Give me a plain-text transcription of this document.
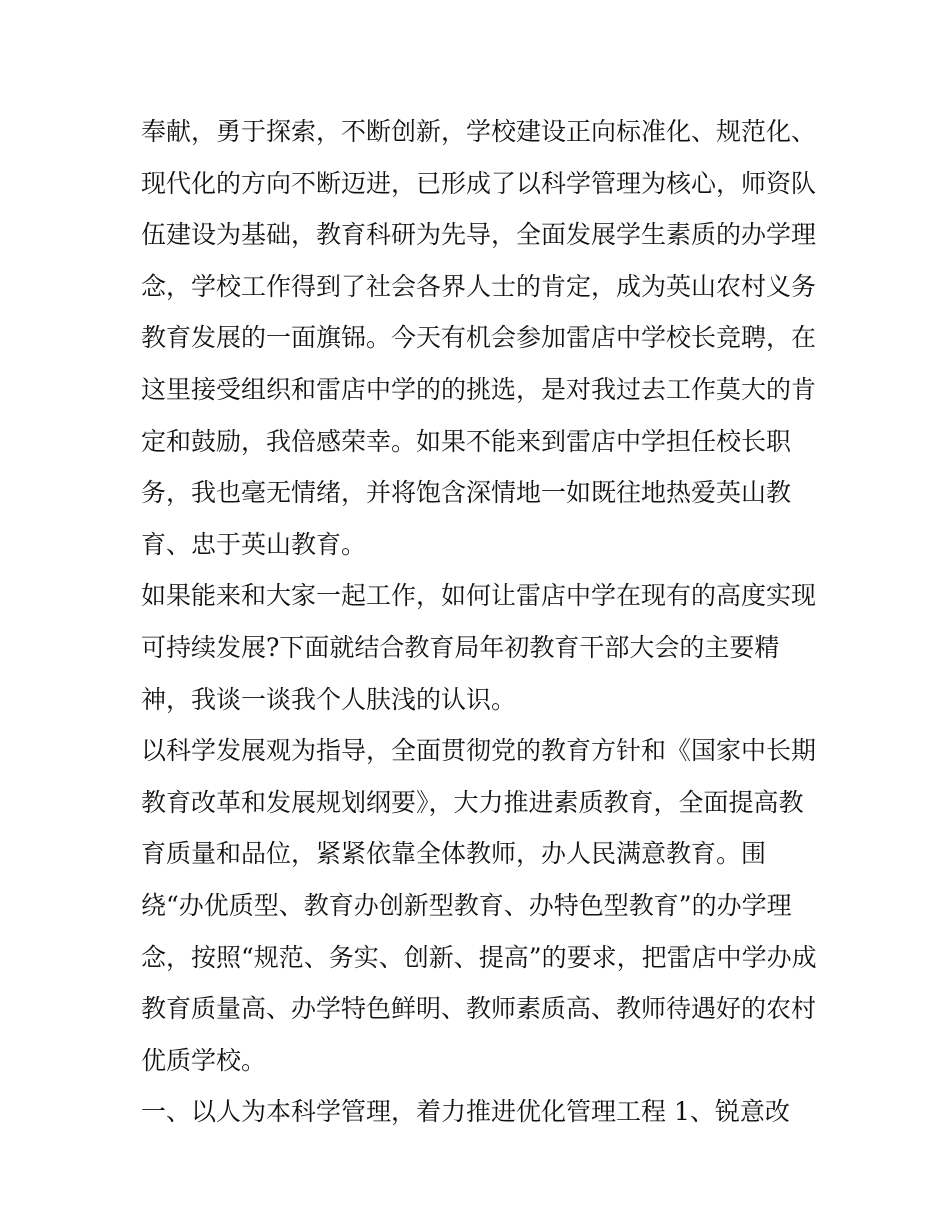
奉献，勇于探索，不断创新，学校建设正向标准化、规范化、
现代化的方向不断迈进，已形成了以科学管理为核心，师资队
伍建设为基础，教育科研为先导，全面发展学生素质的办学理
念，学校工作得到了社会各界人士的肯定，成为英山农村义务
教育发展的一面旗铞。今天有机会参加雷店中学校长竞聘，在
这里接受组织和雷店中学的的挑选，是对我过去工作莫大的肯
定和鼓励，我倍感荣幸。如果不能来到雷店中学担任校长职
务，我也毫无情绪，并将饱含深情地一如既往地热爱英山教
育、忠于英山教育。
如果能来和大家一起工作，如何让雷店中学在现有的高度实现
可持续发展?下面就结合教育局年初教育干部大会的主要精
神，我谈一谈我个人肤浅的认识。
以科学发展观为指导，全面贯彻党的教育方针和《国家中长期
教育改革和发展规划纲要》，大力推进素质教育，全面提高教
育质量和品位，紧紧依靠全体教师，办人民满意教育。围
绕“办优质型、教育办创新型教育、办特色型教育”的办学理
念，按照“规范、务实、创新、提高”的要求，把雷店中学办成
教育质量高、办学特色鲜明、教师素质高、教师待遇好的农村
优质学校。
一、以人为本科学管理，着力推进优化管理工程 1、锐意改
